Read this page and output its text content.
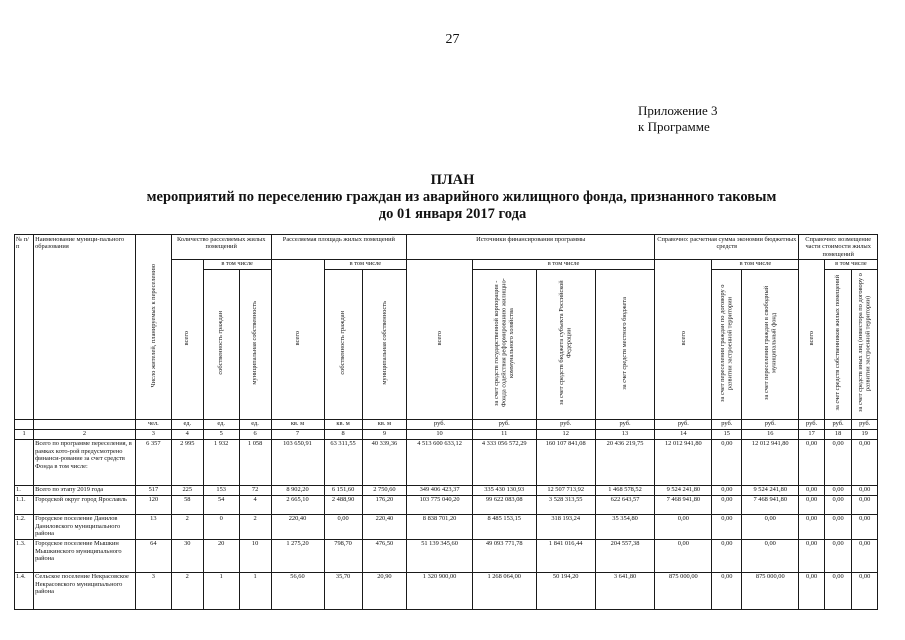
27
Приложение 3
к Программе
ПЛАН
мероприятий по переселению граждан из аварийного жилищного фонда, признанного таковым
до 01 января 2017 года
№ п/п	Наименование муници-пального образования	Число жителей, планируемых к переселению	Количество расселяемых жилых помещений			Расселяемая площадь жилых помещений			Источники финансирования программы				Справочно: расчетная сумма экономии бюджетных средств			Справочно: возмещение части стоимости жилых помещений		
			всего	в том числе		всего	в том числе		всего	в том числе			всего	в том числе		всего	в том числе	
				собственность граждан	муниципальная собственность		собственность граждан	муниципальная собственность		за счет средств государственной корпорации - Фонда содействия реформированию жилищно-коммунального хозяйства	за счет средств бюджета субъекта Российской Федерации	за счет средств местного бюджета		за счет переселения граждан по договору о развитии застроенной территории	за счет переселения граждан в свободный муниципальный фонд		за счет средств собственников жилых помещений	за счет средств иных лиц (инвестора по договору о развитии застроенной территории)
		чел.	ед.	ед.	ед.	кв. м	кв. м	кв. м	руб.	руб.	руб.	руб.	руб.	руб.	руб.	руб.	руб.	руб.
1	2	3	4	5	6	7	8	9	10	11	12	13	14	15	16	17	18	19
	Всего по программе переселения, в рамках кото-рой предусмотрено финанси-рование за счет средств Фонда в том числе:	6 357	2 995	1 932	1 058	103 650,91	63 311,55	40 339,36	4 513 600 633,12	4 333 056 572,29	160 107 841,08	20 436 219,75	12 012 941,80	0,00	12 012 941,80	0,00	0,00	0,00
1.	Всего по этапу 2019 года	517	225	153	72	8 902,20	6 151,60	2 750,60	349 406 423,37	335 430 130,93	12 507 713,92	1 468 578,52	9 524 241,80	0,00	9 524 241,80	0,00	0,00	0,00
1.1.	Городской округ город Ярославль	120	58	54	4	2 665,10	2 488,90	176,20	103 775 040,20	99 622 083,08	3 528 313,55	622 643,57	7 468 941,80	0,00	7 468 941,80	0,00	0,00	0,00
1.2.	Городское поселение Данилов Даниловского муниципального района	13	2	0	2	220,40	0,00	220,40	8 838 701,20	8 485 153,15	318 193,24	35 354,80	0,00	0,00	0,00	0,00	0,00	0,00
1.3.	Городское поселение Мышкин Мышкинского муниципального района	64	30	20	10	1 275,20	798,70	476,50	51 139 345,60	49 093 771,78	1 841 016,44	204 557,38	0,00	0,00	0,00	0,00	0,00	0,00
1.4.	Сельское поселение Некрасовское Некрасовского муниципального района	3	2	1	1	56,60	35,70	20,90	1 320 900,00	1 268 064,00	50 194,20	3 641,80	875 000,00	0,00	875 000,00	0,00	0,00	0,00
